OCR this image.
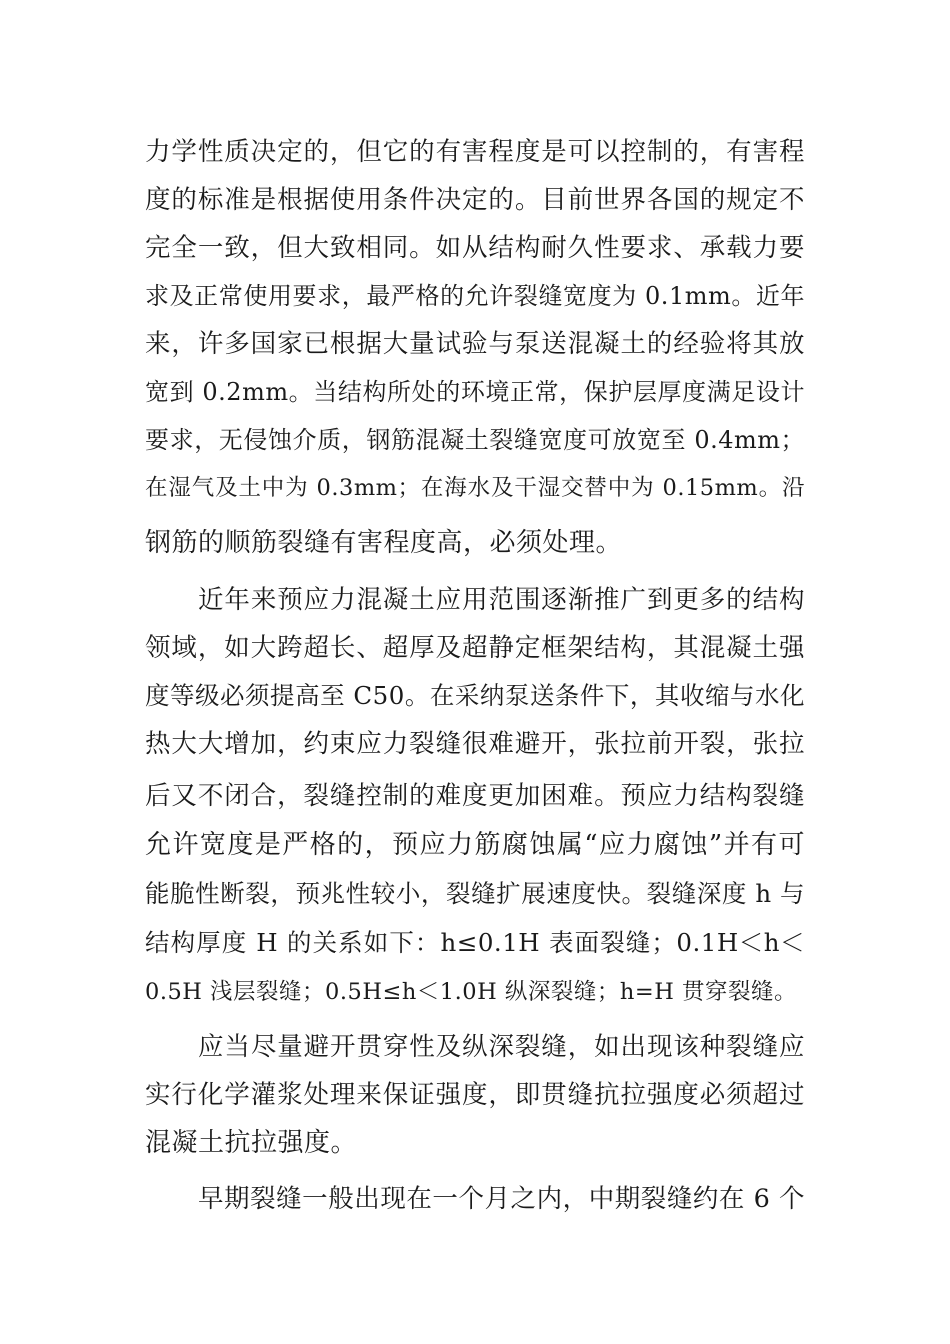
力学性质决定的，但它的有害程度是可以控制的，有害程
度的标准是根据使用条件决定的。目前世界各国的规定不
完全一致，但大致相同。如从结构耐久性要求、承载力要
求及正常使用要求，最严格的允许裂缝宽度为 0.1mm。近年
来，许多国家已根据大量试验与泵送混凝土的经验将其放
宽到 0.2mm。当结构所处的环境正常，保护层厚度满足设计
要求，无侵蚀介质，钢筋混凝土裂缝宽度可放宽至 0.4mm；
在湿气及土中为 0.3mm；在海水及干湿交替中为 0.15mm。沿
钢筋的顺筋裂缝有害程度高，必须处理。
近年来预应力混凝土应用范围逐渐推广到更多的结构
领域，如大跨超长、超厚及超静定框架结构，其混凝土强
度等级必须提高至 C50。在采纳泵送条件下，其收缩与水化
热大大增加，约束应力裂缝很难避开，张拉前开裂，张拉
后又不闭合，裂缝控制的难度更加困难。预应力结构裂缝
允许宽度是严格的，预应力筋腐蚀属“应力腐蚀”并有可
能脆性断裂，预兆性较小，裂缝扩展速度快。裂缝深度 h 与
结构厚度 H 的关系如下：h≤0.1H 表面裂缝；0.1H＜h＜
0.5H 浅层裂缝；0.5H≤h＜1.0H 纵深裂缝；h=H 贯穿裂缝。
应当尽量避开贯穿性及纵深裂缝，如出现该种裂缝应
实行化学灌浆处理来保证强度，即贯缝抗拉强度必须超过
混凝土抗拉强度。
早期裂缝一般出现在一个月之内，中期裂缝约在 6 个
